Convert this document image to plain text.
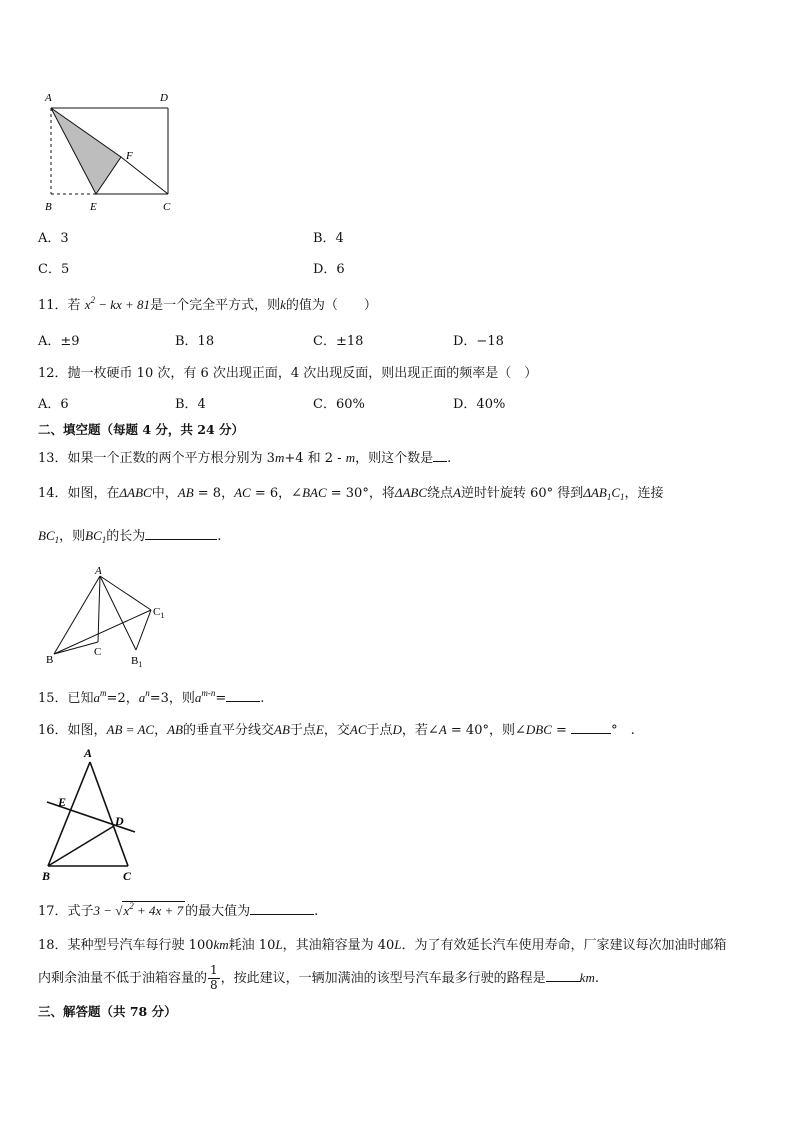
A	D
F
B	E	C
A．3	B．4
C．5	D．6
11．若 $x^2$ − kx + 81是一个完全平方式，则k的值为（　　）
A．±9	B．18	C．±18	D．−18
12．抛一枚硬币 10 次，有 6 次出现正面，4 次出现反面，则出现正面的频率是（　）
A．6	B．4	C．60%	D．40%
二、填空题（每题 4 分，共 24 分）
13．如果一个正数的两个平方根分别为 3m+4 和 2 - m，则这个数是 .
14．如图，在ΔABC中，AB = 8，AC = 6，∠BAC = 30°，将ΔABC绕点A逆时针旋转 60° 得到$\Delta AB_1C_1$，连接
$BC_1$，则$BC_1$的长为	.
A
$C_1$
B
C
$B_1$
15．已知$a^m=2$，$a^n=3$，则$a^{m-n}=$	.
16．如图，AB = AC，AB的垂直平分线交AB于点E，交AC于点D，若∠A = 40°，则∠DBC =	°　.
A
E
D
B	C
17．式子$3 - √x^2 + 4x + 7$ 的最大值为	.
18．某种型号汽车每行驶 100km耗油 10L，其油箱容量为 40L．为了有效延长汽车使用寿命，厂家建议每次加油时邮箱
内剩余油量不低于油箱容量的 $\frac{1}{8}$ ，按此建议，一辆加满油的该型号汽车最多行驶的路程是	km.
三、解答题（共 78 分）
